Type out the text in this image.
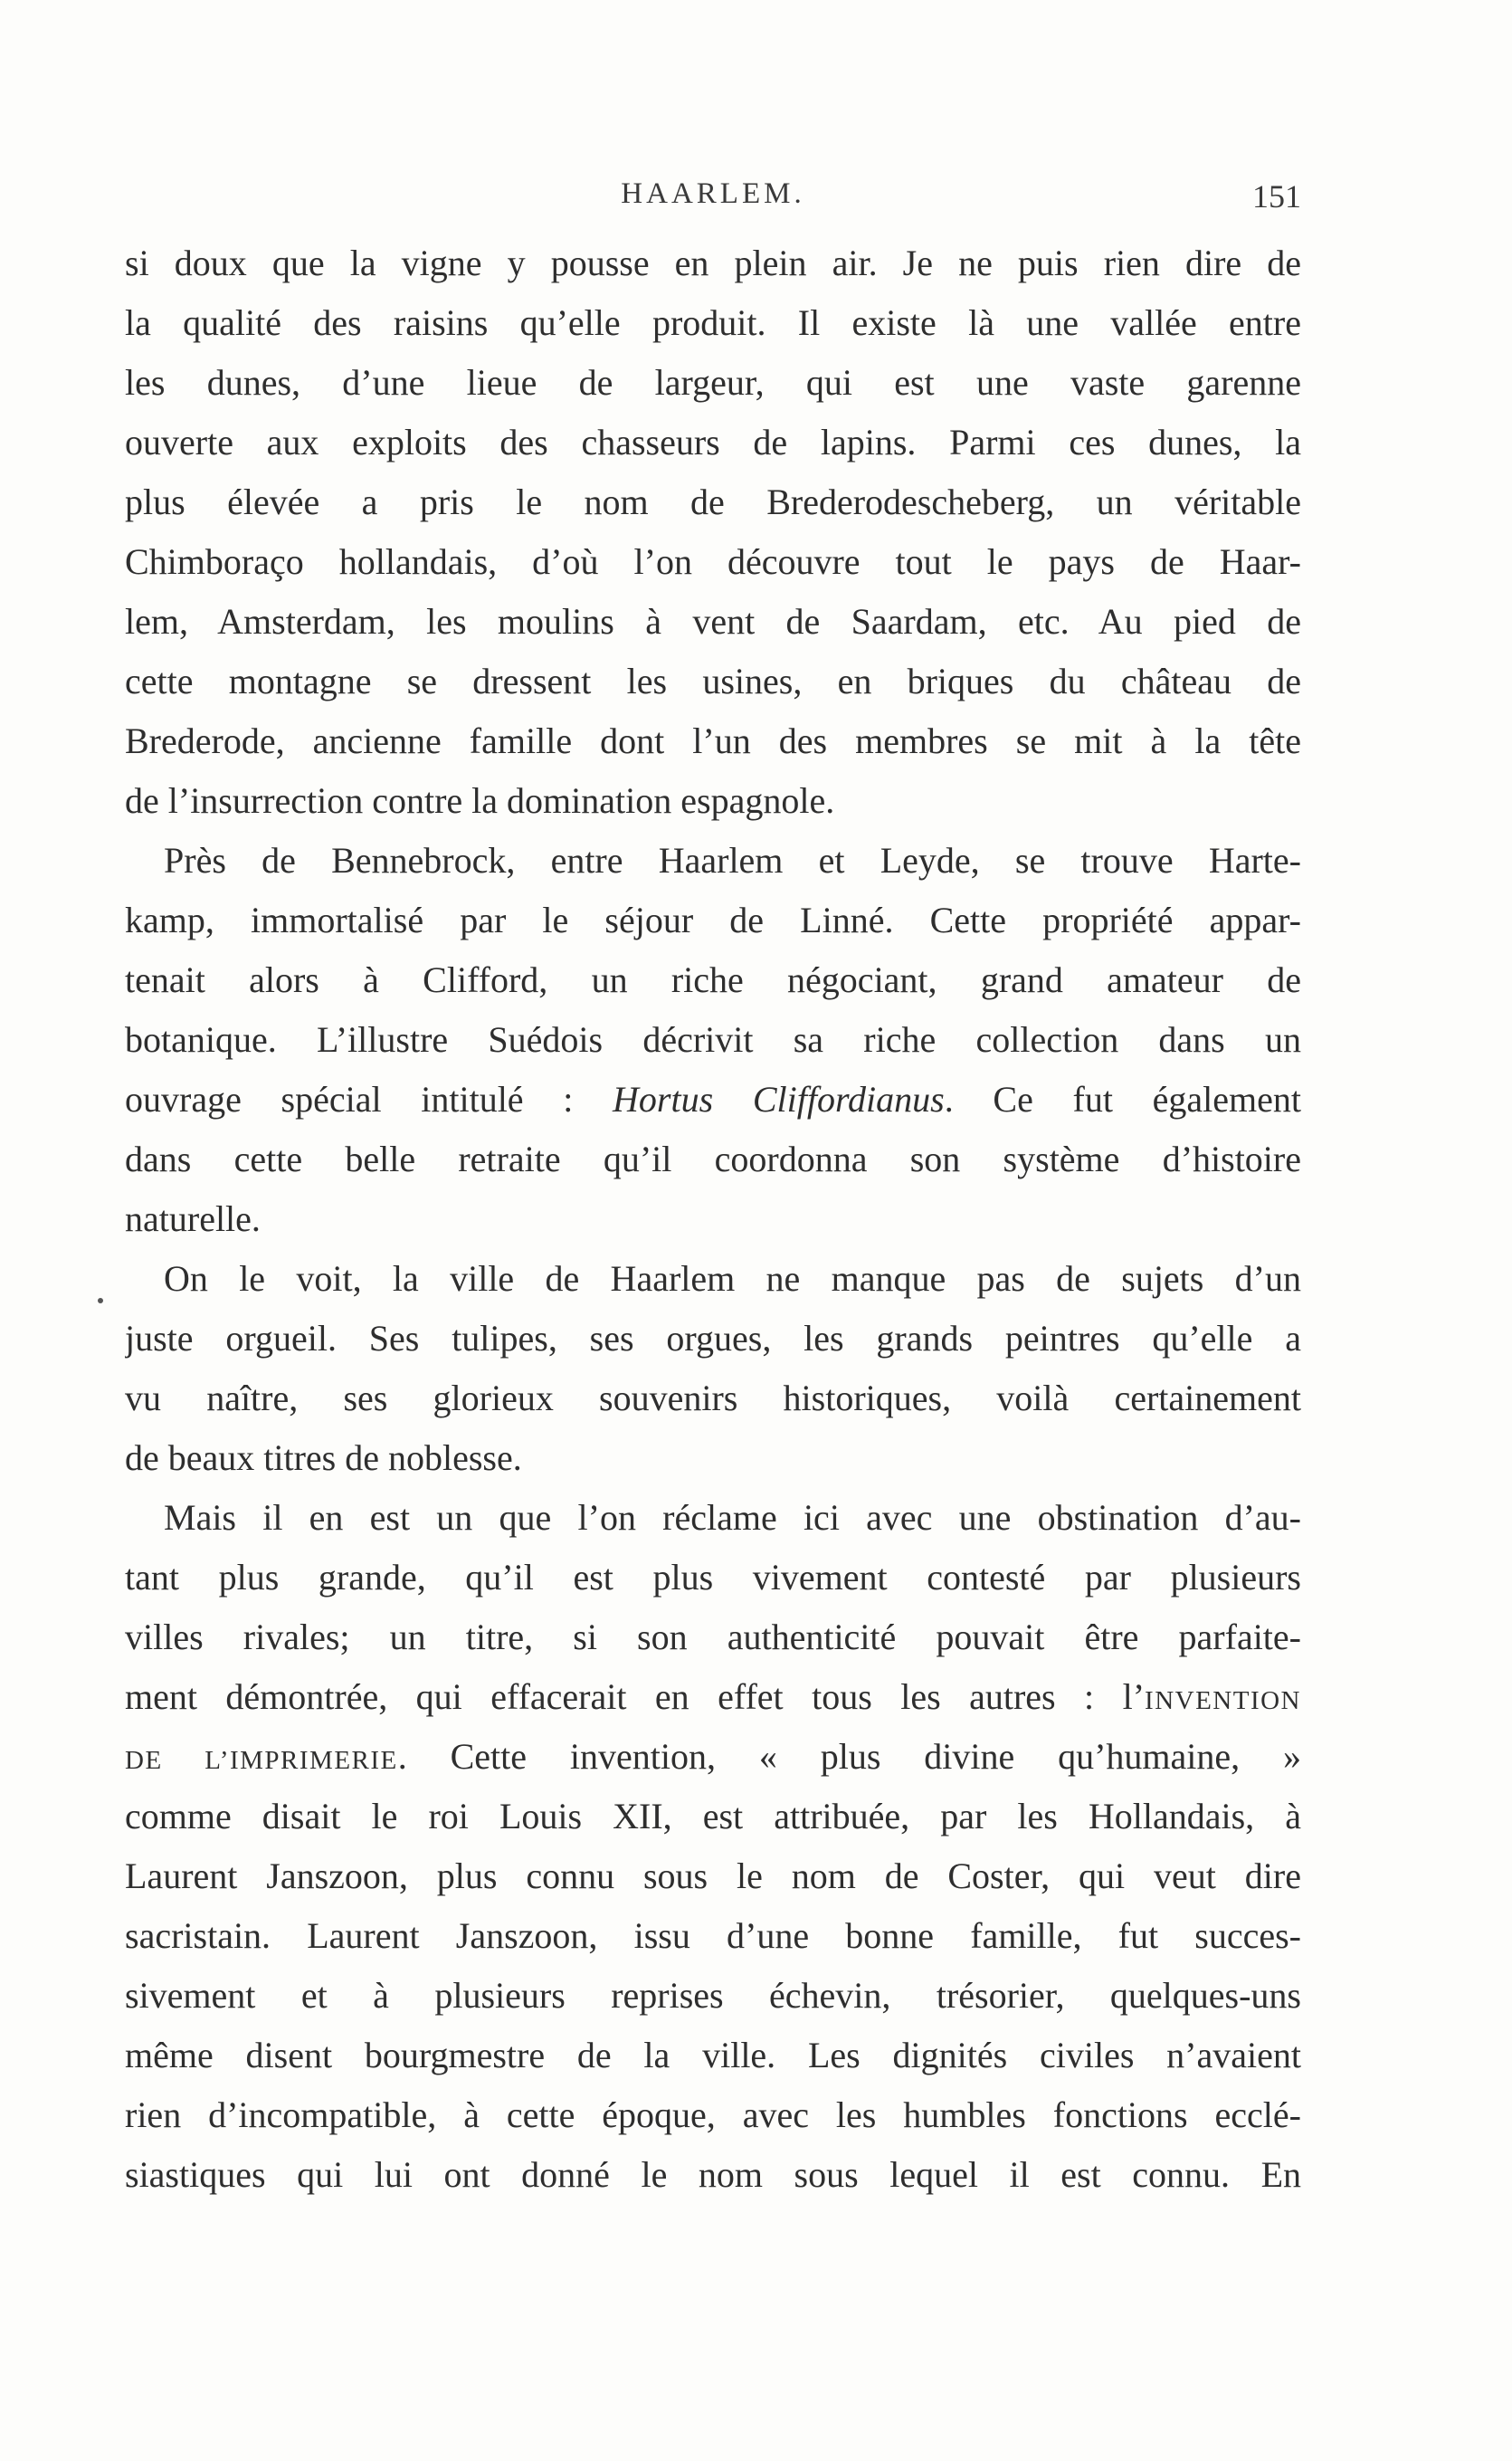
HAARLEM.	151
si doux que la vigne y pousse en plein air. Je ne puis rien dire de
la qualité des raisins qu’elle produit. Il existe là une vallée entre
les dunes, d’une lieue de largeur, qui est une vaste garenne
ouverte aux exploits des chasseurs de lapins. Parmi ces dunes, la
plus élevée a pris le nom de Brederodescheberg, un véritable
Chimboraço hollandais, d’où l’on découvre tout le pays de Haar-
lem, Amsterdam, les moulins à vent de Saardam, etc. Au pied de
cette montagne se dressent les usines, en briques du château de
Brederode, ancienne famille dont l’un des membres se mit à la tête
de l’insurrection contre la domination espagnole.
Près de Bennebrock, entre Haarlem et Leyde, se trouve Harte-
kamp, immortalisé par le séjour de Linné. Cette propriété appar-
tenait alors à Clifford, un riche négociant, grand amateur de
botanique. L’illustre Suédois décrivit sa riche collection dans un
ouvrage spécial intitulé : Hortus Cliffordianus. Ce fut également
dans cette belle retraite qu’il coordonna son système d’histoire
naturelle.
On le voit, la ville de Haarlem ne manque pas de sujets d’un
juste orgueil. Ses tulipes, ses orgues, les grands peintres qu’elle a
vu naître, ses glorieux souvenirs historiques, voilà certainement
de beaux titres de noblesse.
Mais il en est un que l’on réclame ici avec une obstination d’au-
tant plus grande, qu’il est plus vivement contesté par plusieurs
villes rivales; un titre, si son authenticité pouvait être parfaite-
ment démontrée, qui effacerait en effet tous les autres : l’INVENTION
DE L’IMPRIMERIE. Cette invention, « plus divine qu’humaine, »
comme disait le roi Louis XII, est attribuée, par les Hollandais, à
Laurent Janszoon, plus connu sous le nom de Coster, qui veut dire
sacristain. Laurent Janszoon, issu d’une bonne famille, fut succes-
sivement et à plusieurs reprises échevin, trésorier, quelques-uns
même disent bourgmestre de la ville. Les dignités civiles n’avaient
rien d’incompatible, à cette époque, avec les humbles fonctions ecclé-
siastiques qui lui ont donné le nom sous lequel il est connu. En
